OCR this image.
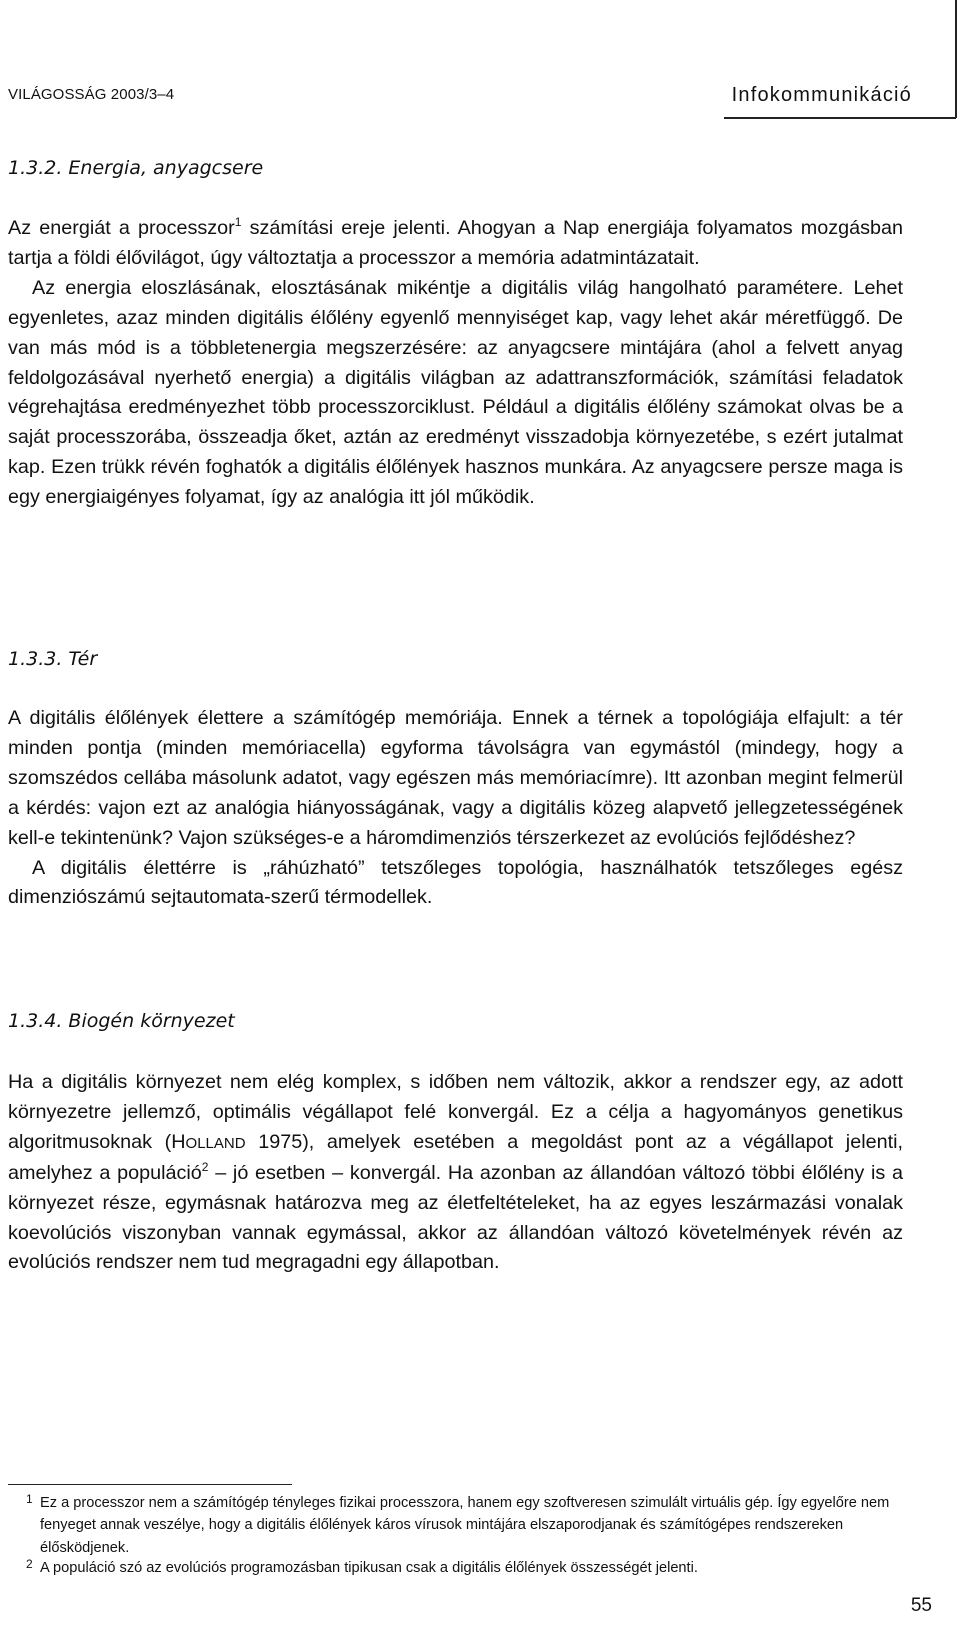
VILÁGOSSÁG 2003/3–4	Infokommunikáció
1.3.2. Energia, anyagcsere

Az energiát a processzor$^1$ számítási ereje jelenti. Ahogyan a Nap energiája folyamatos mozgásban tartja a földi élővilágot, úgy változtatja a processzor a memória adatmintázatait.

Az energia eloszlásának, elosztásának mikéntje a digitális világ hangolható paramétere. Lehet egyenletes, azaz minden digitális élőlény egyenlő mennyiséget kap, vagy lehet akár méretfüggő. De van más mód is a többletenergia megszerzésére: az anyagcsere mintájára (ahol a felvett anyag feldolgozásával nyerhető energia) a digitális világban az adattranszformációk, számítási feladatok végrehajtása eredményezhet több processzorciklust. Például a digitális élőlény számokat olvas be a saját processzorába, összeadja őket, aztán az eredményt visszadobja környezetébe, s ezért jutalmat kap. Ezen trükk révén foghatók a digitális élőlények hasznos munkára. Az anyagcsere persze maga is egy energiaigényes folyamat, így az analógia itt jól működik.

1.3.3. Tér

A digitális élőlények élettere a számítógép memóriája. Ennek a térnek a topológiája elfajult: a tér minden pontja (minden memóriacella) egyforma távolságra van egymástól (mindegy, hogy a szomszédos cellába másolunk adatot, vagy egészen más memóriacímre). Itt azonban megint felmerül a kérdés: vajon ezt az analógia hiányosságának, vagy a digitális közeg alapvető jellegzetességének kell-e tekintenünk? Vajon szükséges-e a háromdimenziós térszerkezet az evolúciós fejlődéshez?

A digitális élettérre is „ráhúzható” tetszőleges topológia, használhatók tetszőleges egész dimenziószámú sejtautomata-szerű térmodellek.

1.3.4. Biogén környezet

Ha a digitális környezet nem elég komplex, s időben nem változik, akkor a rendszer egy, az adott környezetre jellemző, optimális végállapot felé konvergál. Ez a célja a hagyományos genetikus algoritmusoknak (HOLLAND 1975), amelyek esetében a megoldást pont az a végállapot jelenti, amelyhez a populáció$^2$ – jó esetben – konvergál. Ha azonban az állandóan változó többi élőlény is a környezet része, egymásnak határozva meg az életfeltételeket, ha az egyes leszármazási vonalak koevolúciós viszonyban vannak egymással, akkor az állandóan változó követelmények révén az evolúciós rendszer nem tud megragadni egy állapotban.

1 Ez a processzor nem a számítógép tényleges fizikai processzora, hanem egy szoftveresen szimulált virtuális gép. Így egyelőre nem fenyeget annak veszélye, hogy a digitális élőlények káros vírusok mintájára elszaporodjanak és számítógépes rendszereken élősködjenek.
2 A populáció szó az evolúciós programozásban tipikusan csak a digitális élőlények összességét jelenti.
55
